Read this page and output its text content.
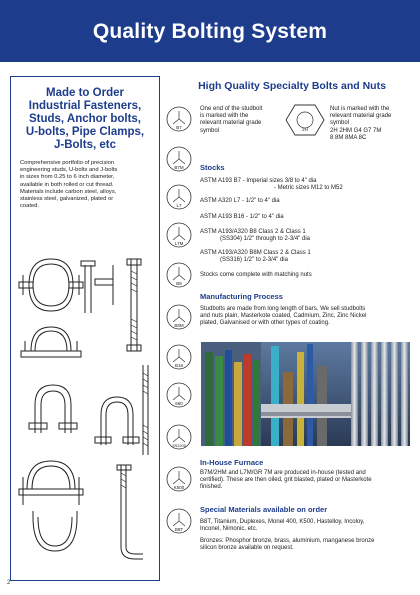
Quality Bolting System
Made to Order
Industrial Fasteners,
Studs, Anchor bolts,
U-bolts, Pipe Clamps,
J-Bolts, etc
Comprehensive portfolio of precision
engineering studs, U-bolts and J-bolts
in sizes from 0.25 to 6 inch diameter,
available in both rolled or cut thread.
Materials include carbon steel, alloys,
stainless steel, galvanized, plated or
coated.
High Quality Specialty Bolts and Nuts
B7
B7M
L7
L7M
B8
B8M
B16
660
SS2205
K500
B8T
One end of the studbolt
is marked with the
relevant material grade
symbol	2H
Nut is marked with the
relevant material grade
symbol
2H 2HM G4 G7 7M
8 8M 8MA 8C
Stocks
ASTM A193 B7 - Imperial sizes 3/8 to 4" dia
- Metric sizes M12 to M52
ASTM A320 L7 - 1/2" to 4" dia
ASTM A193 B16 - 1/2" to 4" dia
ASTM A193/A320 B8 Class 2 & Class 1
(SS304) 1/2" through to 2-3/4" dia
ASTM A193/A320 B8M Class 2 & Class 1
(SS316) 1/2" to 2-3/4" dia
Stocks come complete with matching nuts
Manufacturing Process
Studbolts are made from long length of bars. We sell studbolts
and nuts plain, Masterkote coated, Cadmium, Zinc, Zinc Nickel
plated, Galvanised or with other types of coating.
In-House Furnace
B7M/2HM and L7M/GR 7M are produced in-house (tested and
certified). These are then oiled, grit blasted, plated or Masterkote
finished.
Special Materials available on order
B8T, Titanium, Duplexes, Monel 400, K500, Hastelloy, Incoloy,
Inconel, Nimonic, etc.
Bronzes: Phosphor bronze, brass, aluminium, manganese bronze
silicon bronze available on request.
2
